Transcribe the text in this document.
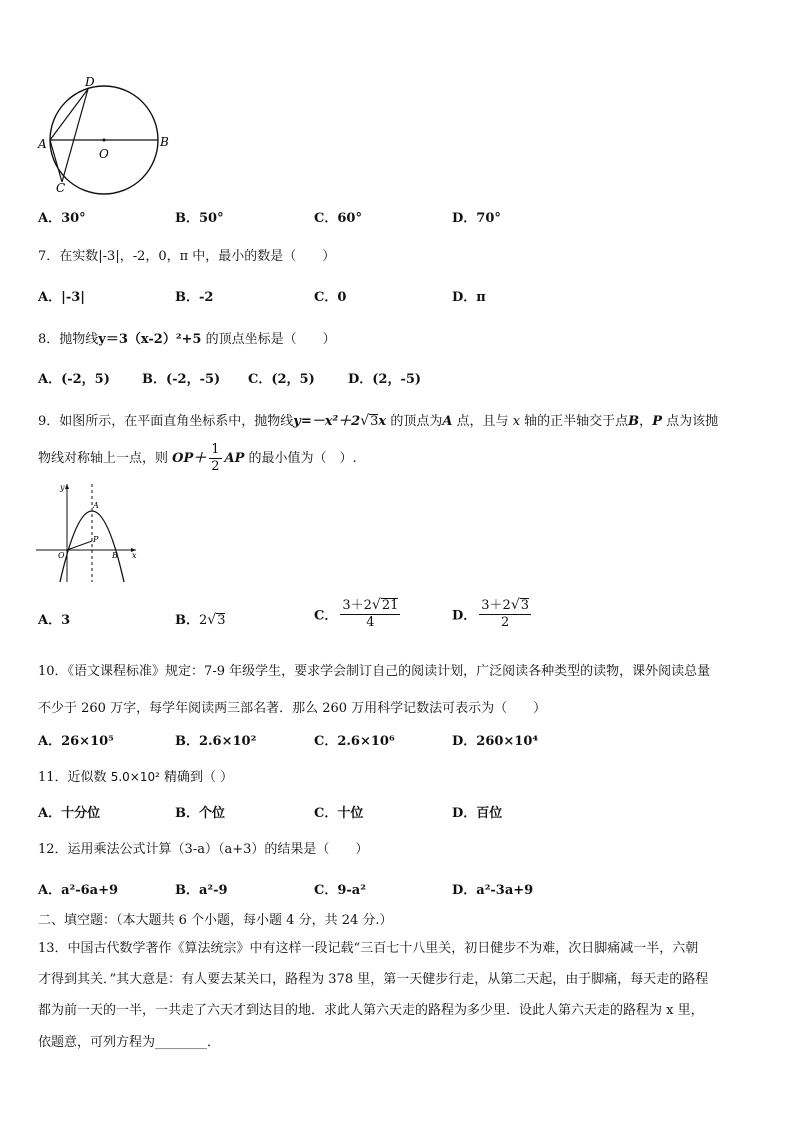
A	B
C
D
O
A．30°	B．50°	C．60°	D．70°
7．在实数|-3|，-2，0，π 中，最小的数是（　　）
A．|-3|	B．-2	C．0	D．π
8．抛物线y＝3（x-2）²+5 的顶点坐标是（　　）
A．(-2，5) B．(-2，-5) C．(2，5)	D．(2，-5)
9．如图所示，在平面直角坐标系中，抛物线y=－x²＋2√3x 的顶点为A 点，且与 x 轴的正半轴交于点B，P 点为该抛
物线对称轴上一点，则 $OP+ \frac{1}{2}$ AP 的最小值为（　）.
y
A
P
O	B x
A．3	B．2√3	C． $\frac{3+2√21}{4}$	D． $\frac{3+2√3}{2}$
10．《语文课程标准》规定：7-9 年级学生，要求学会制订自己的阅读计划，广泛阅读各种类型的读物，课外阅读总量
不少于 260 万字，每学年阅读两三部名著．那么 260 万用科学记数法可表示为（　　）
A．26×10⁵	B．2.6×10²	C．2.6×10⁶	D．260×10⁴
11．近似数 5.0×10² 精确到（ ）
A．十分位	B．个位	C．十位	D．百位
12．运用乘法公式计算（3-a）（a+3）的结果是（　　）
A．a²-6a+9	B．a²-9	C．9-a²	D．a²-3a+9
二、填空题：（本大题共 6 个小题，每小题 4 分，共 24 分.）
13．中国古代数学著作《算法统宗》中有这样一段记载“三百七十八里关，初日健步不为难，次日脚痛减一半，六朝
才得到其关．”其大意是：有人要去某关口，路程为 378 里，第一天健步行走，从第二天起，由于脚痛，每天走的路程
都为前一天的一半，一共走了六天才到达目的地．求此人第六天走的路程为多少里．设此人第六天走的路程为 x 里，
依题意，可列方程为________．
